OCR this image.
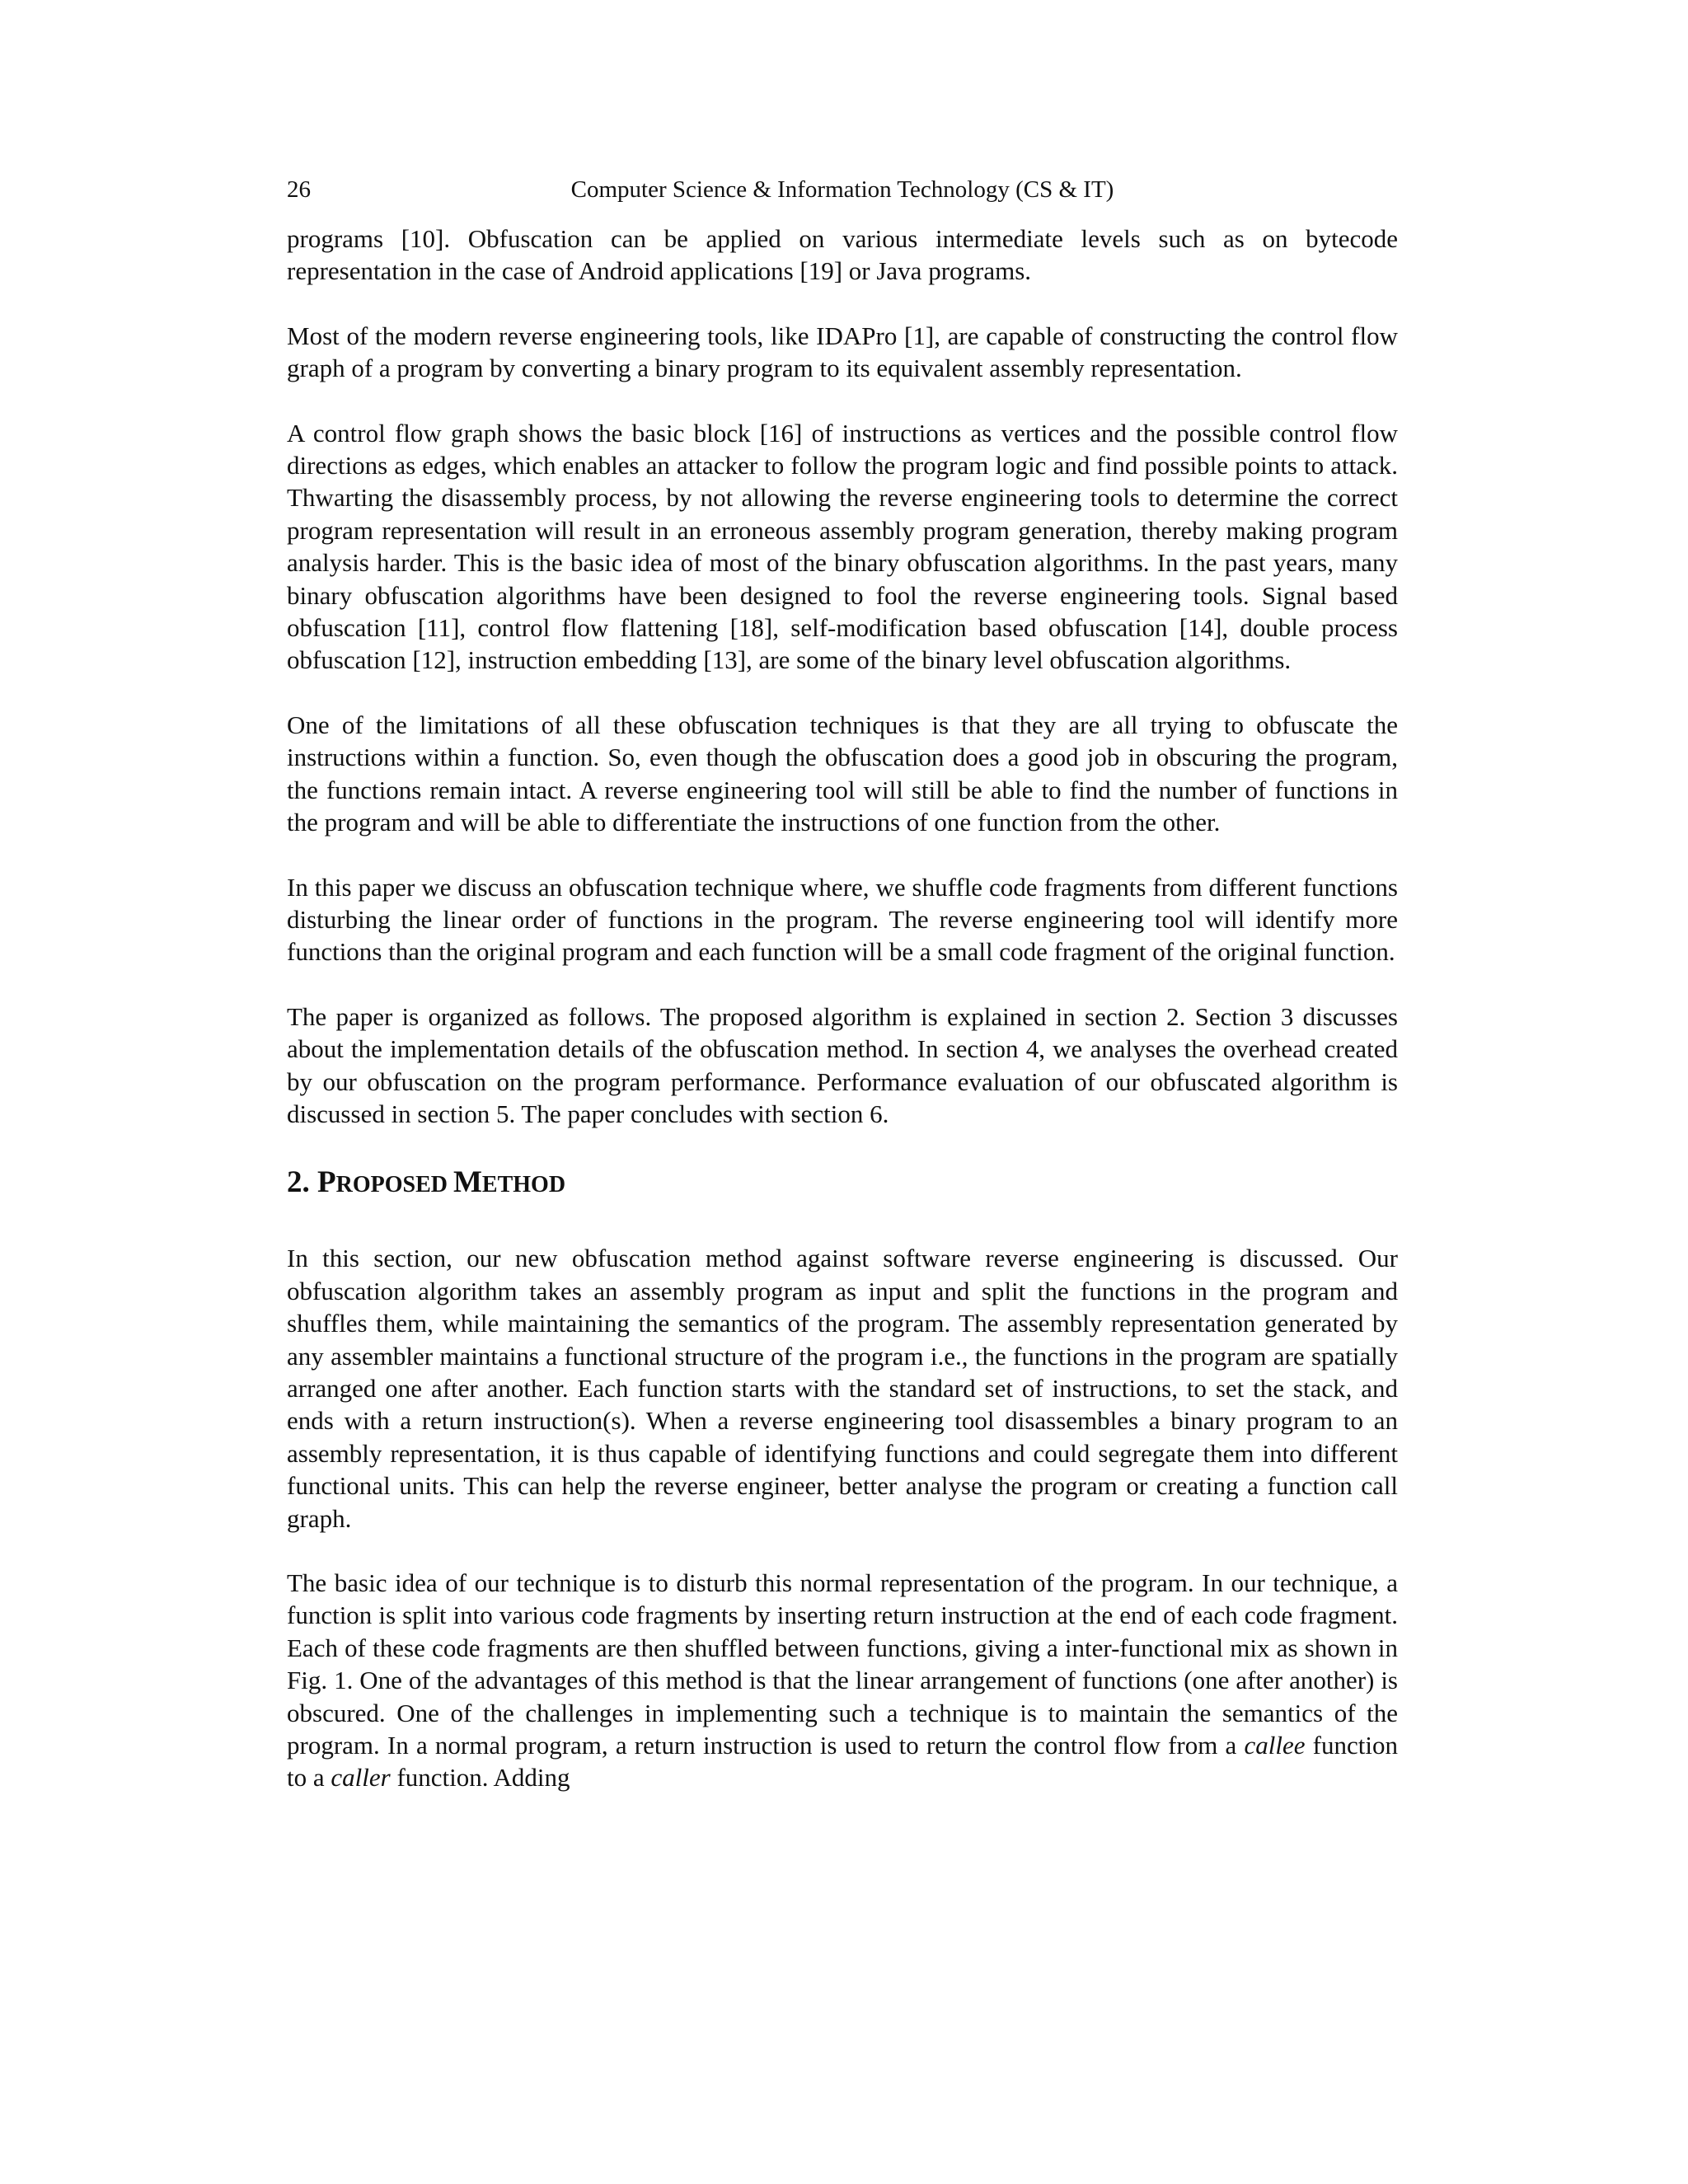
26	Computer Science & Information Technology (CS & IT)

programs [10]. Obfuscation can be applied on various intermediate levels such as on bytecode representation in the case of Android applications [19] or Java programs.

Most of the modern reverse engineering tools, like IDAPro [1], are capable of constructing the control flow graph of a program by converting a binary program to its equivalent assembly representation.

A control flow graph shows the basic block [16] of instructions as vertices and the possible control flow directions as edges, which enables an attacker to follow the program logic and find possible points to attack. Thwarting the disassembly process, by not allowing the reverse engineering tools to determine the correct program representation will result in an erroneous assembly program generation, thereby making program analysis harder. This is the basic idea of most of the binary obfuscation algorithms. In the past years, many binary obfuscation algorithms have been designed to fool the reverse engineering tools. Signal based obfuscation [11], control flow flattening [18], self-modification based obfuscation [14], double process obfuscation [12], instruction embedding [13], are some of the binary level obfuscation algorithms.

One of the limitations of all these obfuscation techniques is that they are all trying to obfuscate the instructions within a function. So, even though the obfuscation does a good job in obscuring the program, the functions remain intact. A reverse engineering tool will still be able to find the number of functions in the program and will be able to differentiate the instructions of one function from the other.

In this paper we discuss an obfuscation technique where, we shuffle code fragments from different functions disturbing the linear order of functions in the program. The reverse engineering tool will identify more functions than the original program and each function will be a small code fragment of the original function.

The paper is organized as follows. The proposed algorithm is explained in section 2. Section 3 discusses about the implementation details of the obfuscation method. In section 4, we analyses the overhead created by our obfuscation on the program performance. Performance evaluation of our obfuscated algorithm is discussed in section 5. The paper concludes with section 6.

2. PROPOSED METHOD

In this section, our new obfuscation method against software reverse engineering is discussed. Our obfuscation algorithm takes an assembly program as input and split the functions in the program and shuffles them, while maintaining the semantics of the program. The assembly representation generated by any assembler maintains a functional structure of the program i.e., the functions in the program are spatially arranged one after another. Each function starts with the standard set of instructions, to set the stack, and ends with a return instruction(s). When a reverse engineering tool disassembles a binary program to an assembly representation, it is thus capable of identifying functions and could segregate them into different functional units. This can help the reverse engineer, better analyse the program or creating a function call graph.

The basic idea of our technique is to disturb this normal representation of the program. In our technique, a function is split into various code fragments by inserting return instruction at the end of each code fragment. Each of these code fragments are then shuffled between functions, giving a inter-functional mix as shown in Fig. 1. One of the advantages of this method is that the linear arrangement of functions (one after another) is obscured. One of the challenges in implementing such a technique is to maintain the semantics of the program. In a normal program, a return instruction is used to return the control flow from a callee function to a caller function. Adding
